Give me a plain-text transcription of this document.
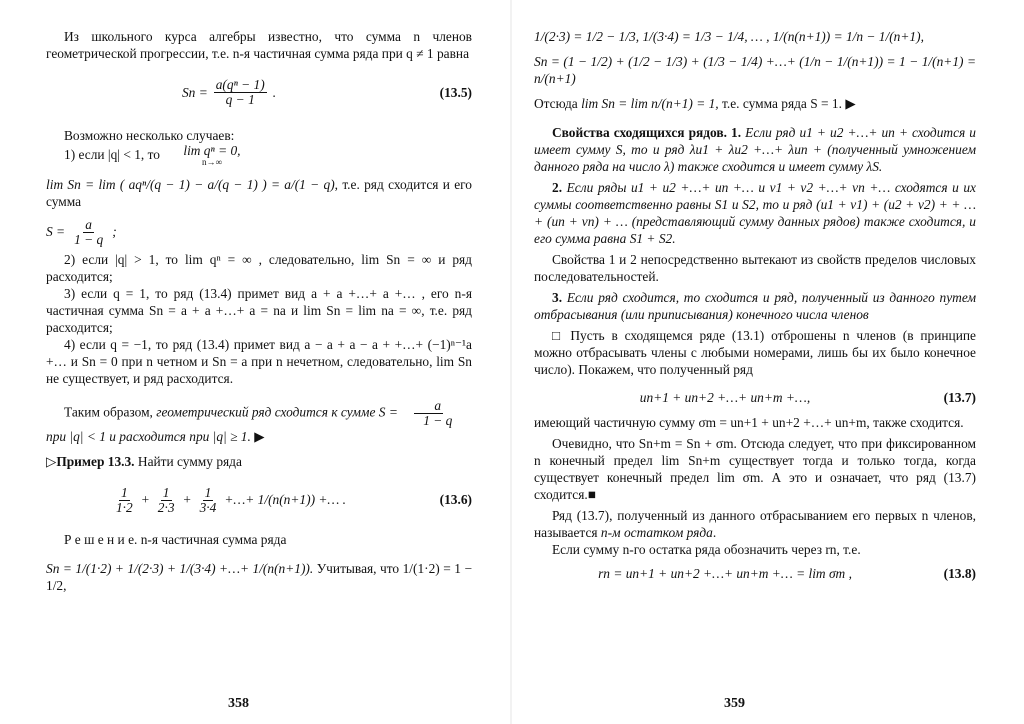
Из школьного курса алгебры известно, что сумма n членов геометрической прогрессии, т.е. n-я частичная сумма ряда при q ≠ 1 равна

$Sn = \frac{\text{a(qⁿ − 1)}}{q - 1}$ .	(13.5)

Возможно несколько случаев:

1) если |q| < 1, то	lim qⁿ = 0,
n→∞

lim Sn = lim ( aqⁿ/(q − 1) − a/(q − 1) ) = a/(1 − q), т.е. ряд сходится и его сумма

$S = \frac{a}{1 - q}$ ;

2) если |q| > 1, то lim qⁿ = ∞ , следовательно, lim Sn = ∞ и ряд расходится;

3) если q = 1, то ряд (13.4) примет вид a + a +…+ a +… , его n-я частичная сумма Sn = a + a +…+ a = na и lim Sn = lim na = ∞, т.е. ряд расходится;

4) если q = −1, то ряд (13.4) примет вид a − a + a − a + +…+ (−1)ⁿ⁻¹a +… и Sn = 0 при n четном и Sn = a при n нечетном, следовательно, lim Sn не существует, и ряд расходится.

Таким образом, геометрический ряд сходится к сумме $S = \frac{a}{1 - q}$

при |q| < 1 и расходится при |q| ≥ 1. ▶

▷Пример 13.3. Найти сумму ряда

$\frac{1}{1\cdot 2} + \frac{1}{2\cdot 3} + \frac{1}{3\cdot 4}$ +…+ 1/(n(n+1)) +… .	(13.6)

Р е ш е н и е. n-я частичная сумма ряда

Sn = 1/(1·2) + 1/(2·3) + 1/(3·4) +…+ 1/(n(n+1)). Учитывая, что 1/(1·2) = 1 − 1/2,

358

1/(2·3) = 1/2 − 1/3, 1/(3·4) = 1/3 − 1/4, … , 1/(n(n+1)) = 1/n − 1/(n+1),

Sn = (1 − 1/2) + (1/2 − 1/3) + (1/3 − 1/4) +…+ (1/n − 1/(n+1)) = 1 − 1/(n+1) = n/(n+1)

Отсюда lim Sn = lim n/(n+1) = 1, т.е. сумма ряда S = 1. ▶

Свойства сходящихся рядов. 1. Если ряд u1 + u2 +…+ un + сходится и имеет сумму S, то и ряд λu1 + λu2 +…+ λun + (полученный умножением данного ряда на число λ) также сходится и имеет сумму λS.

2. Если ряды u1 + u2 +…+ un +… и v1 + v2 +…+ vn +… сходятся и их суммы соответственно равны S1 и S2, то и ряд (u1 + v1) + (u2 + v2) + + … + (un + vn) + … (представляющий сумму данных рядов) также сходится, и его сумма равна S1 + S2.

Свойства 1 и 2 непосредственно вытекают из свойств пределов числовых последовательностей.

3. Если ряд сходится, то сходится и ряд, полученный из данного путем отбрасывания (или приписывания) конечного числа членов

□ Пусть в сходящемся ряде (13.1) отброшены n членов (в принципе можно отбрасывать члены с любыми номерами, лишь бы их было конечное число). Покажем, что полученный ряд

un+1 + un+2 +…+ un+m +…,	(13.7)

имеющий частичную сумму σm = un+1 + un+2 +…+ un+m, также сходится.

Очевидно, что Sn+m = Sn + σm. Отсюда следует, что при фиксированном n конечный предел lim Sn+m существует тогда и только тогда, когда существует конечный предел lim σm. А это и означает, что ряд (13.7) сходится.■

Ряд (13.7), полученный из данного отбрасыванием его первых n членов, называется n-м остатком ряда.

Если сумму n-го остатка ряда обозначить через rn, т.е.

rn = un+1 + un+2 +…+ un+m +… = lim σm ,	(13.8)
359
